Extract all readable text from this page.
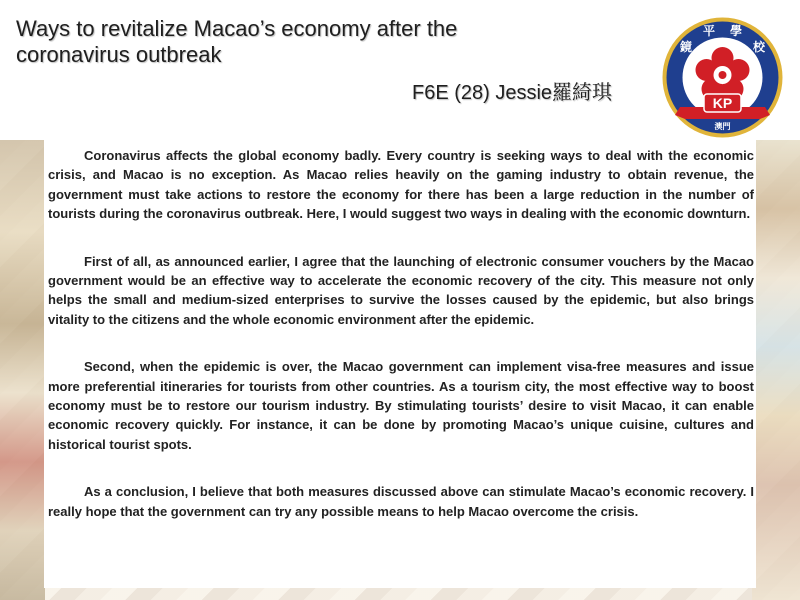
Ways to revitalize Macao’s economy after the coronavirus outbreak
F6E (28) Jessie羅綺琪
鏡
平 學
校
KP
澳門

Coronavirus affects the global economy badly. Every country is seeking ways to deal with the economic crisis, and Macao is no exception. As Macao relies heavily on the gaming industry to obtain revenue, the government must take actions to restore the economy for there has been a large reduction in the number of tourists during the coronavirus outbreak. Here, I would suggest two ways in dealing with the economic downturn.

First of all, as announced earlier, I agree that the launching of electronic consumer vouchers by the Macao government would be an effective way to accelerate the economic recovery of the city. This measure not only helps the small and medium-sized enterprises to survive the losses caused by the epidemic, but also brings vitality to the citizens and the whole economic environment after the epidemic.

Second, when the epidemic is over, the Macao government can implement visa-free measures and issue more preferential itineraries for tourists from other countries. As a tourism city, the most effective way to boost economy must be to restore our tourism industry. By stimulating tourists’ desire to visit Macao, it can enable economic recovery quickly. For instance, it can be done by promoting Macao’s unique cuisine, cultures and historical tourist spots.

As a conclusion, I believe that both measures discussed above can stimulate Macao’s economic recovery. I really hope that the government can try any possible means to help Macao overcome the crisis.
